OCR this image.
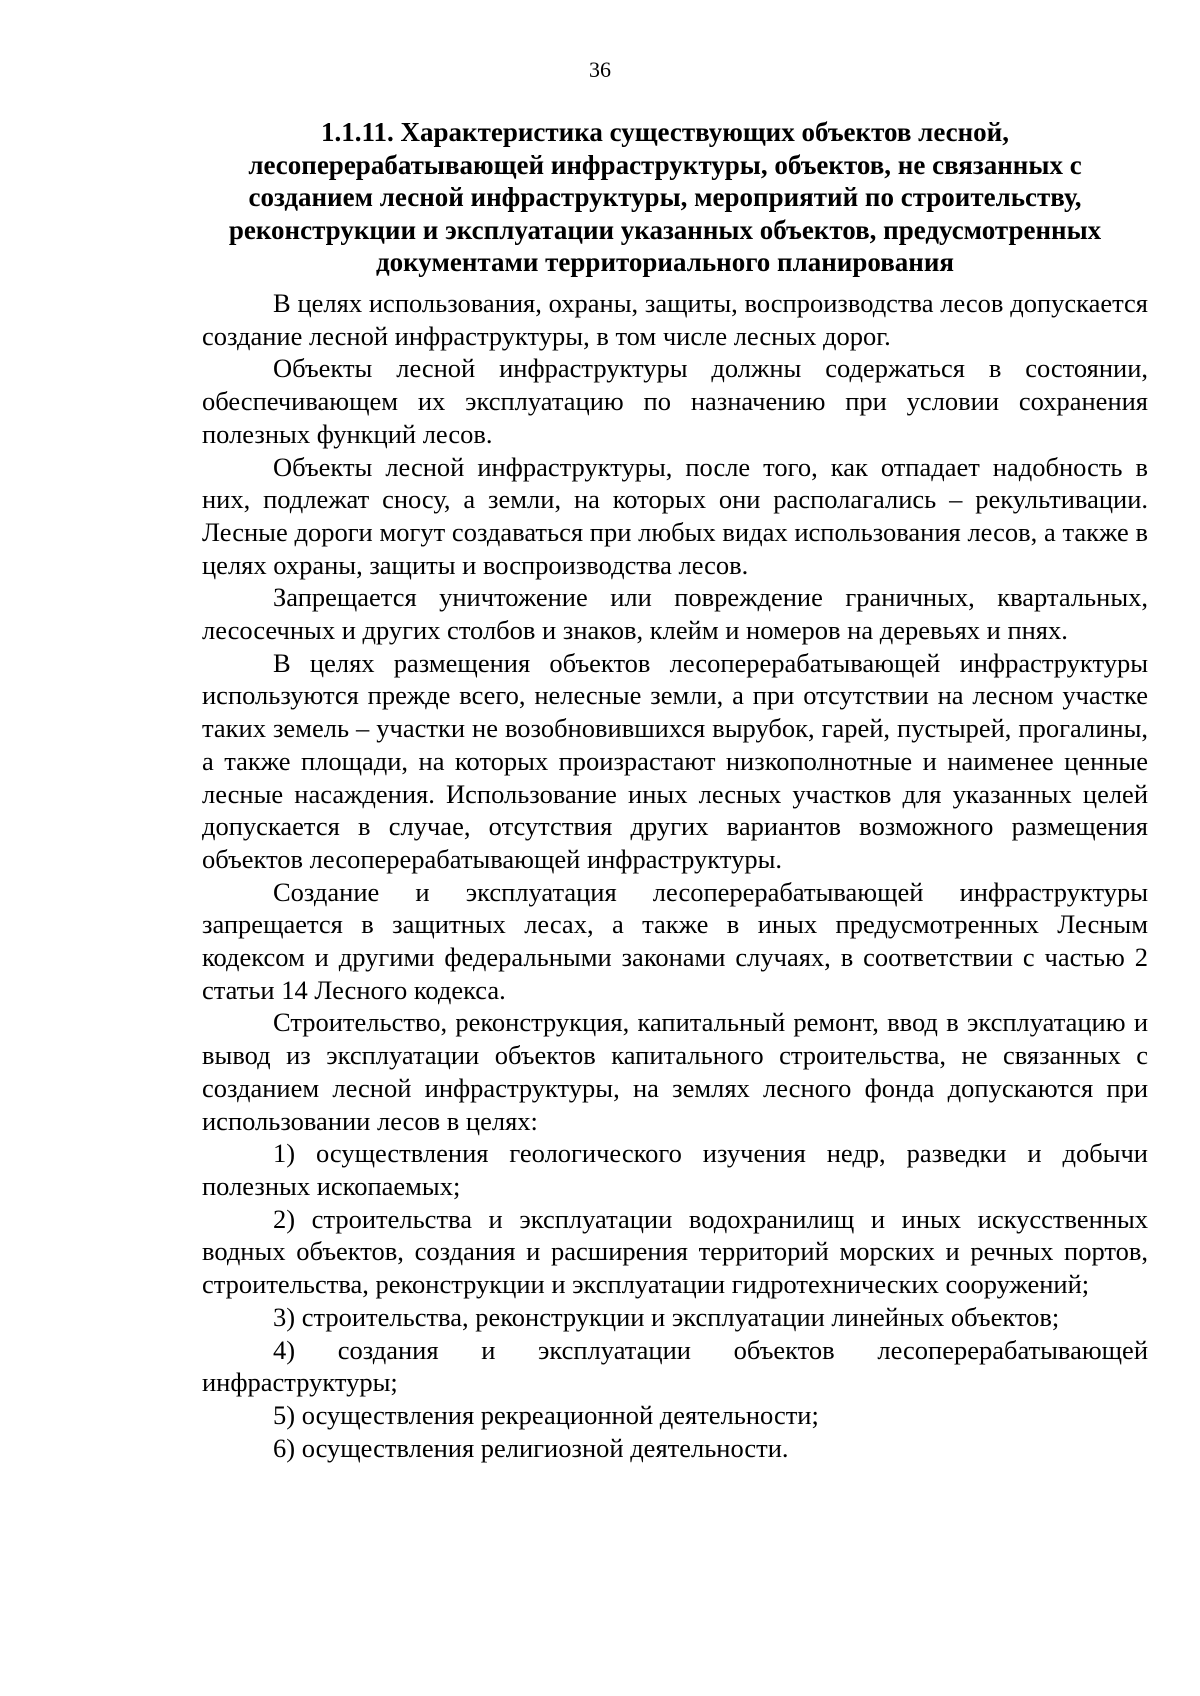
36
1.1.11. Характеристика существующих объектов лесной, лесоперерабатывающей инфраструктуры, объектов, не связанных с созданием лесной инфраструктуры, мероприятий по строительству, реконструкции и эксплуатации указанных объектов, предусмотренных документами территориального планирования

В целях использования, охраны, защиты, воспроизводства лесов допускается создание лесной инфраструктуры, в том числе лесных дорог.

Объекты лесной инфраструктуры должны содержаться в состоянии, обеспечивающем их эксплуатацию по назначению при условии сохранения полезных функций лесов.

Объекты лесной инфраструктуры, после того, как отпадает надобность в них, подлежат сносу, а земли, на которых они располагались – рекультивации. Лесные дороги могут создаваться при любых видах использования лесов, а также в целях охраны, защиты и воспроизводства лесов.

Запрещается уничтожение или повреждение граничных, квартальных, лесосечных и других столбов и знаков, клейм и номеров на деревьях и пнях.

В целях размещения объектов лесоперерабатывающей инфраструктуры используются прежде всего, нелесные земли, а при отсутствии на лесном участке таких земель – участки не возобновившихся вырубок, гарей, пустырей, прогалины, а также площади, на которых произрастают низкополнотные и наименее ценные лесные насаждения. Использование иных лесных участков для указанных целей допускается в случае, отсутствия других вариантов возможного размещения объектов лесоперерабатывающей инфраструктуры.

Создание и эксплуатация лесоперерабатывающей инфраструктуры запрещается в защитных лесах, а также в иных предусмотренных Лесным кодексом и другими федеральными законами случаях, в соответствии с частью 2 статьи 14 Лесного кодекса.

Строительство, реконструкция, капитальный ремонт, ввод в эксплуатацию и вывод из эксплуатации объектов капитального строительства, не связанных с созданием лесной инфраструктуры, на землях лесного фонда допускаются при использовании лесов в целях:

1) осуществления геологического изучения недр, разведки и добычи полезных ископаемых;

2) строительства и эксплуатации водохранилищ и иных искусственных водных объектов, создания и расширения территорий морских и речных портов, строительства, реконструкции и эксплуатации гидротехнических сооружений;

3) строительства, реконструкции и эксплуатации линейных объектов;

4) создания и эксплуатации объектов лесоперерабатывающей инфраструктуры;

5) осуществления рекреационной деятельности;

6) осуществления религиозной деятельности.
